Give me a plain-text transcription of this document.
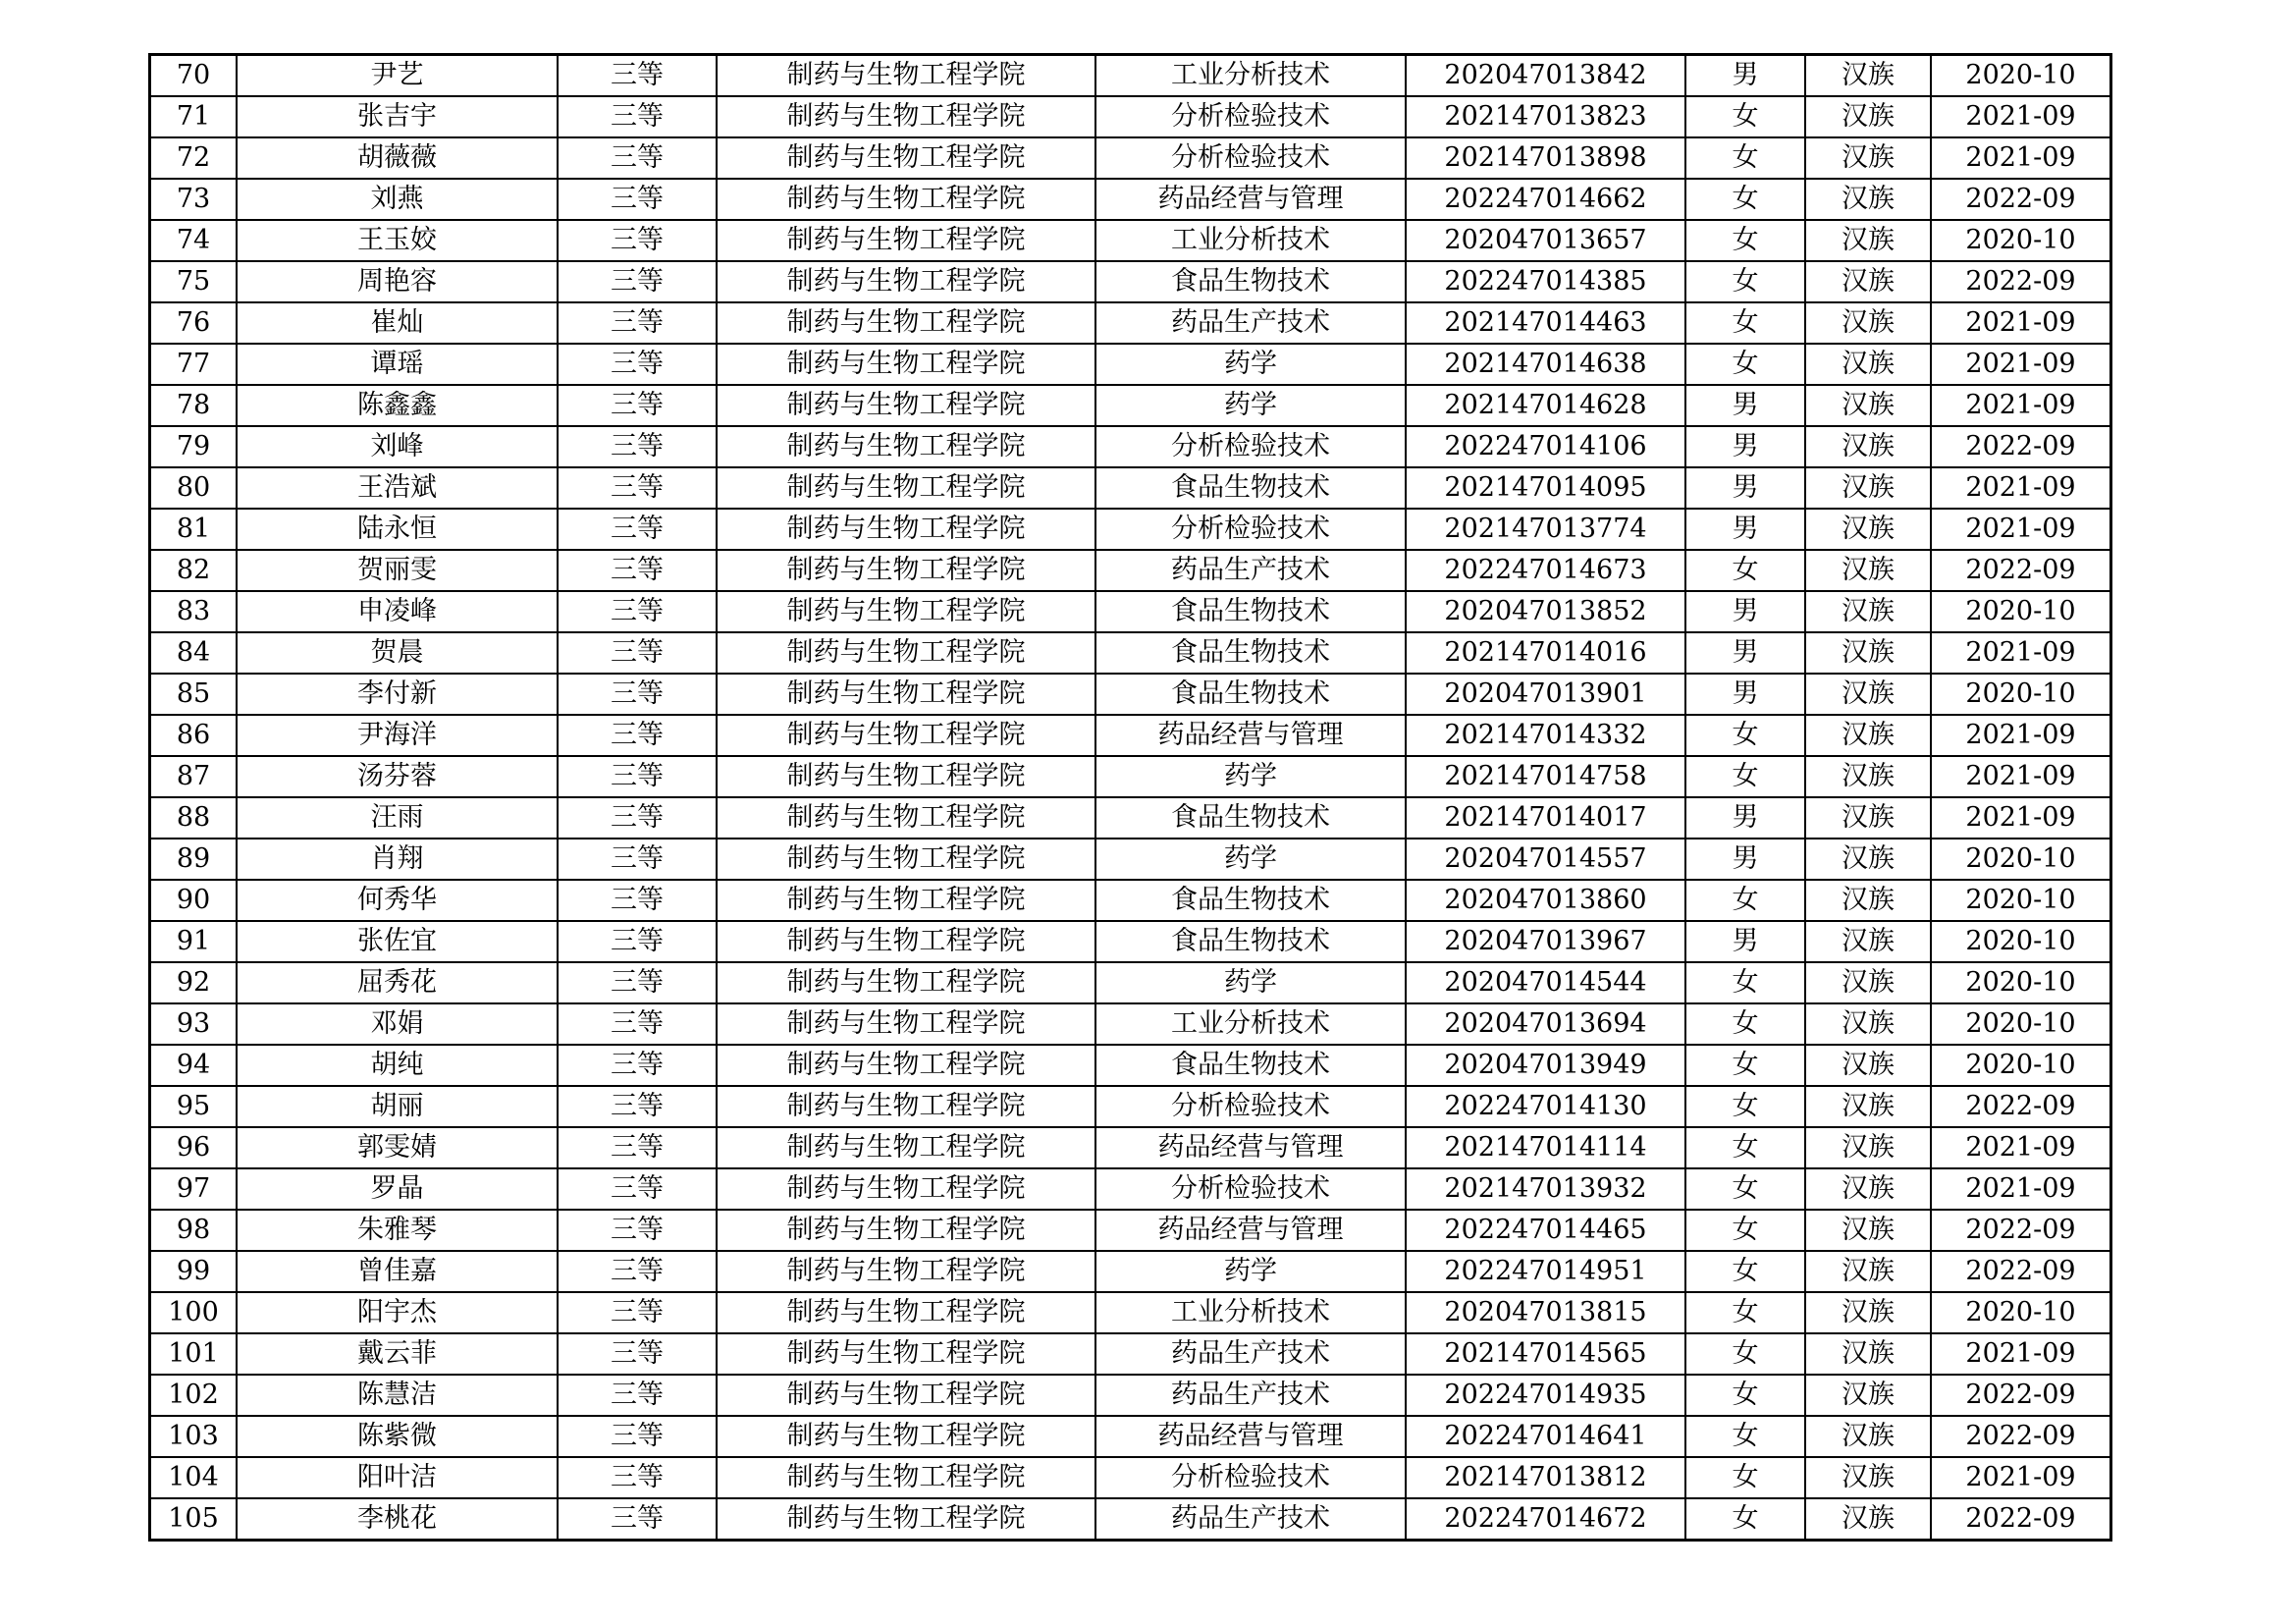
70	尹艺	三等	制药与生物工程学院	工业分析技术	202047013842	男	汉族	2020-10
71	张吉宇	三等	制药与生物工程学院	分析检验技术	202147013823	女	汉族	2021-09
72	胡薇薇	三等	制药与生物工程学院	分析检验技术	202147013898	女	汉族	2021-09
73	刘燕	三等	制药与生物工程学院	药品经营与管理	202247014662	女	汉族	2022-09
74	王玉姣	三等	制药与生物工程学院	工业分析技术	202047013657	女	汉族	2020-10
75	周艳容	三等	制药与生物工程学院	食品生物技术	202247014385	女	汉族	2022-09
76	崔灿	三等	制药与生物工程学院	药品生产技术	202147014463	女	汉族	2021-09
77	谭瑶	三等	制药与生物工程学院	药学	202147014638	女	汉族	2021-09
78	陈鑫鑫	三等	制药与生物工程学院	药学	202147014628	男	汉族	2021-09
79	刘峰	三等	制药与生物工程学院	分析检验技术	202247014106	男	汉族	2022-09
80	王浩斌	三等	制药与生物工程学院	食品生物技术	202147014095	男	汉族	2021-09
81	陆永恒	三等	制药与生物工程学院	分析检验技术	202147013774	男	汉族	2021-09
82	贺丽雯	三等	制药与生物工程学院	药品生产技术	202247014673	女	汉族	2022-09
83	申凌峰	三等	制药与生物工程学院	食品生物技术	202047013852	男	汉族	2020-10
84	贺晨	三等	制药与生物工程学院	食品生物技术	202147014016	男	汉族	2021-09
85	李付新	三等	制药与生物工程学院	食品生物技术	202047013901	男	汉族	2020-10
86	尹海洋	三等	制药与生物工程学院	药品经营与管理	202147014332	女	汉族	2021-09
87	汤芬蓉	三等	制药与生物工程学院	药学	202147014758	女	汉族	2021-09
88	汪雨	三等	制药与生物工程学院	食品生物技术	202147014017	男	汉族	2021-09
89	肖翔	三等	制药与生物工程学院	药学	202047014557	男	汉族	2020-10
90	何秀华	三等	制药与生物工程学院	食品生物技术	202047013860	女	汉族	2020-10
91	张佐宜	三等	制药与生物工程学院	食品生物技术	202047013967	男	汉族	2020-10
92	屈秀花	三等	制药与生物工程学院	药学	202047014544	女	汉族	2020-10
93	邓娟	三等	制药与生物工程学院	工业分析技术	202047013694	女	汉族	2020-10
94	胡纯	三等	制药与生物工程学院	食品生物技术	202047013949	女	汉族	2020-10
95	胡丽	三等	制药与生物工程学院	分析检验技术	202247014130	女	汉族	2022-09
96	郭雯婧	三等	制药与生物工程学院	药品经营与管理	202147014114	女	汉族	2021-09
97	罗晶	三等	制药与生物工程学院	分析检验技术	202147013932	女	汉族	2021-09
98	朱雅琴	三等	制药与生物工程学院	药品经营与管理	202247014465	女	汉族	2022-09
99	曾佳嘉	三等	制药与生物工程学院	药学	202247014951	女	汉族	2022-09
100	阳宇杰	三等	制药与生物工程学院	工业分析技术	202047013815	女	汉族	2020-10
101	戴云菲	三等	制药与生物工程学院	药品生产技术	202147014565	女	汉族	2021-09
102	陈慧洁	三等	制药与生物工程学院	药品生产技术	202247014935	女	汉族	2022-09
103	陈紫微	三等	制药与生物工程学院	药品经营与管理	202247014641	女	汉族	2022-09
104	阳叶洁	三等	制药与生物工程学院	分析检验技术	202147013812	女	汉族	2021-09
105	李桃花	三等	制药与生物工程学院	药品生产技术	202247014672	女	汉族	2022-09
